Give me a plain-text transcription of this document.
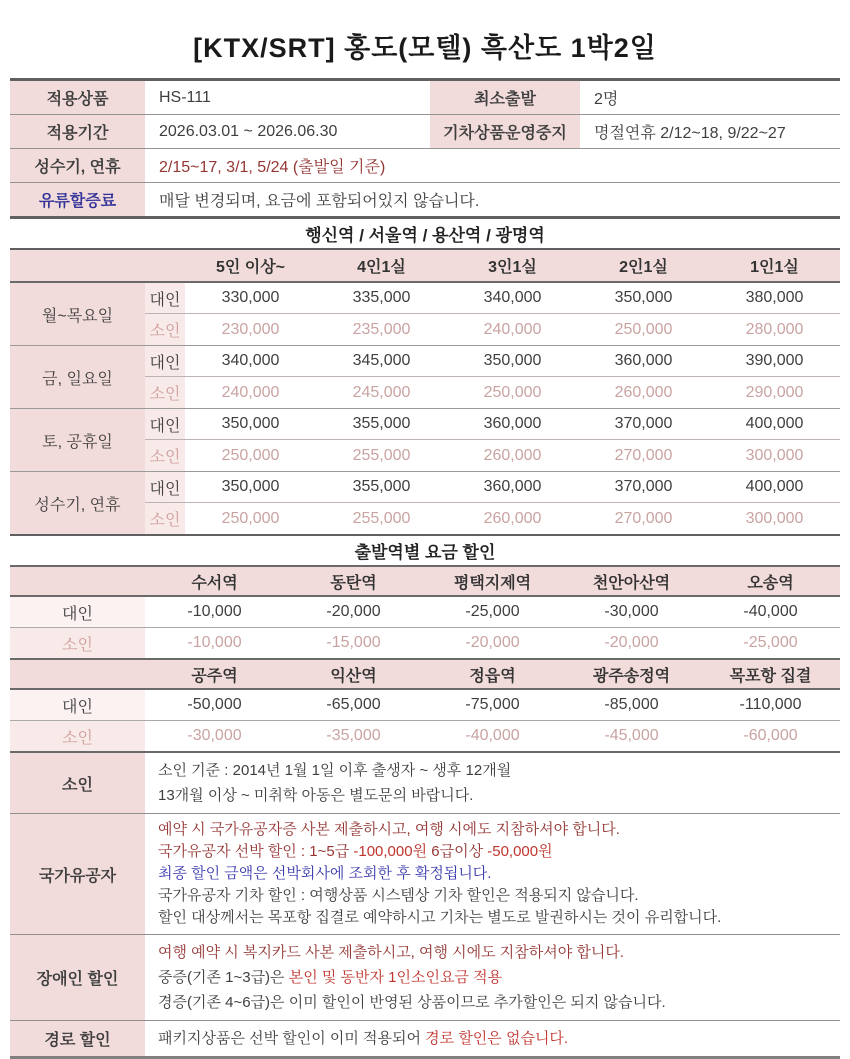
[KTX/SRT] 홍도(모텔) 흑산도 1박2일
적용상품	HS-111	최소출발	2명
적용기간	2026.03.01 ~ 2026.06.30	기차상품운영중지	명절연휴 2/12~18, 9/22~27
성수기, 연휴	2/15~17, 3/1, 5/24 (출발일 기준)
유류할증료	매달 변경되며, 요금에 포함되어있지 않습니다.
행신역 / 서울역 / 용산역 / 광명역
5인 이상~	4인1실	3인1실	2인1실	1인1실
월~목요일
대인	330,000	335,000	340,000	350,000	380,000
소인	230,000	235,000	240,000	250,000	280,000
금, 일요일
대인	340,000	345,000	350,000	360,000	390,000
소인	240,000	245,000	250,000	260,000	290,000
토, 공휴일
대인	350,000	355,000	360,000	370,000	400,000
소인	250,000	255,000	260,000	270,000	300,000
성수기, 연휴
대인	350,000	355,000	360,000	370,000	400,000
소인	250,000	255,000	260,000	270,000	300,000
출발역별 요금 할인
수서역	동탄역	평택지제역	천안아산역	오송역
대인	-10,000	-20,000	-25,000	-30,000	-40,000
소인	-10,000	-15,000	-20,000	-20,000	-25,000
공주역	익산역	정읍역	광주송정역	목포항 집결
대인	-50,000	-65,000	-75,000	-85,000	-110,000
소인	-30,000	-35,000	-40,000	-45,000	-60,000
소인
소인 기준 : 2014년 1월 1일 이후 출생자 ~ 생후 12개월
13개월 이상 ~ 미취학 아동은 별도문의 바랍니다.
국가유공자
예약 시 국가유공자증 사본 제출하시고, 여행 시에도 지참하셔야 합니다.
국가유공자 선박 할인 : 1~5급 -100,000원 6급이상 -50,000원
최종 할인 금액은 선박회사에 조회한 후 확정됩니다.
국가유공자 기차 할인 : 여행상품 시스템상 기차 할인은 적용되지 않습니다.
할인 대상께서는 목포항 집결로 예약하시고 기차는 별도로 발권하시는 것이 유리합니다.
장애인 할인
여행 예약 시 복지카드 사본 제출하시고, 여행 시에도 지참하셔야 합니다.
중증(기존 1~3급)은 본인 및 동반자 1인소인요금 적용
경증(기존 4~6급)은 이미 할인이 반영된 상품이므로 추가할인은 되지 않습니다.
경로 할인	패키지상품은 선박 할인이 이미 적용되어 경로 할인은 없습니다.
